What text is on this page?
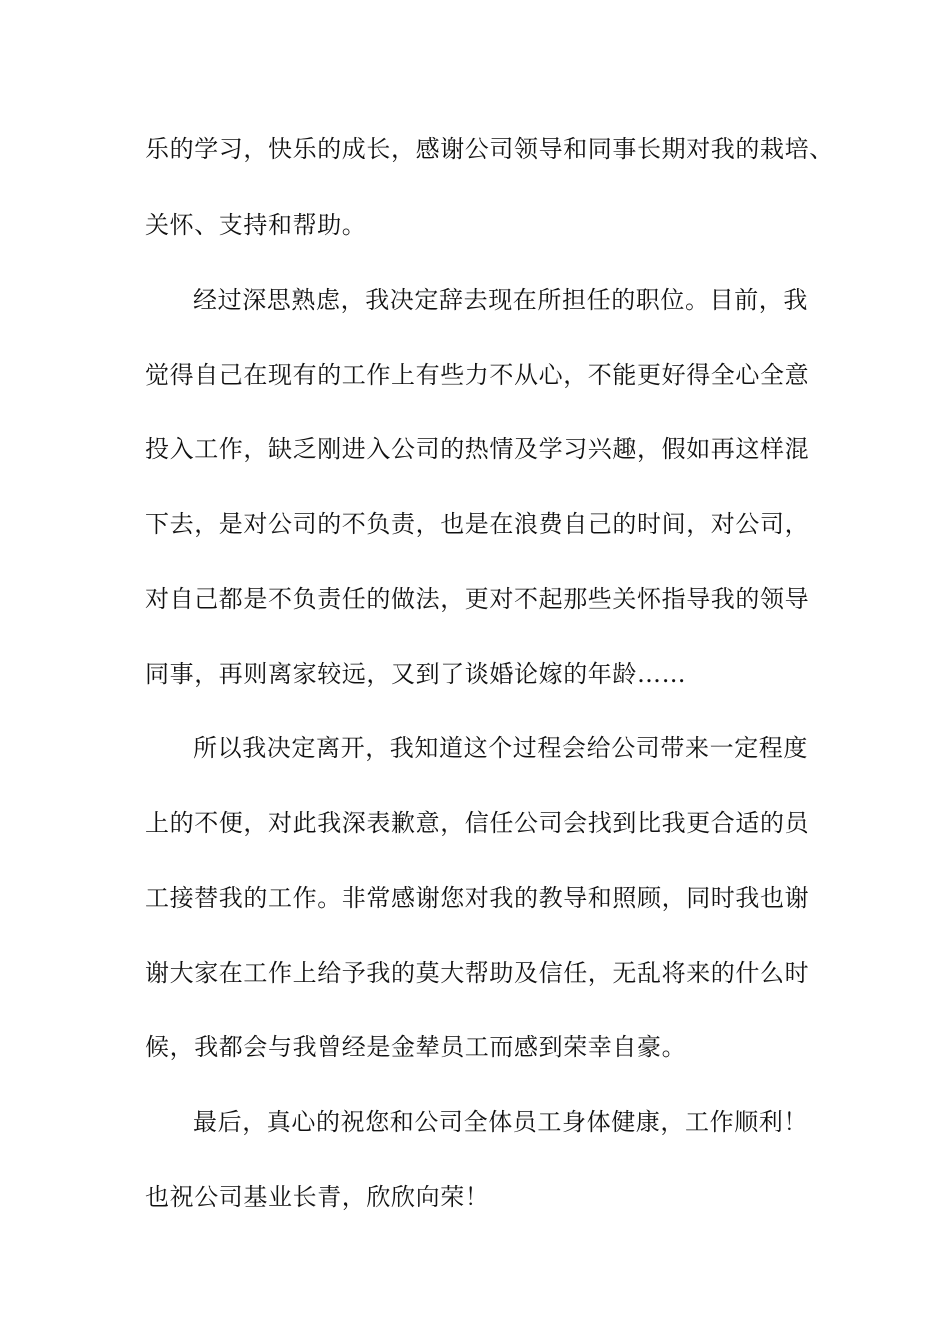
乐的学习，快乐的成长，感谢公司领导和同事长期对我的栽培、
关怀、支持和帮助。
经过深思熟虑，我决定辞去现在所担任的职位。目前，我
觉得自己在现有的工作上有些力不从心，不能更好得全心全意
投入工作，缺乏刚进入公司的热情及学习兴趣，假如再这样混
下去，是对公司的不负责，也是在浪费自己的时间，对公司，
对自己都是不负责任的做法，更对不起那些关怀指导我的领导
同事，再则离家较远，又到了谈婚论嫁的年龄……
所以我决定离开，我知道这个过程会给公司带来一定程度
上的不便，对此我深表歉意，信任公司会找到比我更合适的员
工接替我的工作。非常感谢您对我的教导和照顾，同时我也谢
谢大家在工作上给予我的莫大帮助及信任，无乱将来的什么时
候，我都会与我曾经是金辇员工而感到荣幸自豪。
最后，真心的祝您和公司全体员工身体健康，工作顺利！
也祝公司基业长青，欣欣向荣！
